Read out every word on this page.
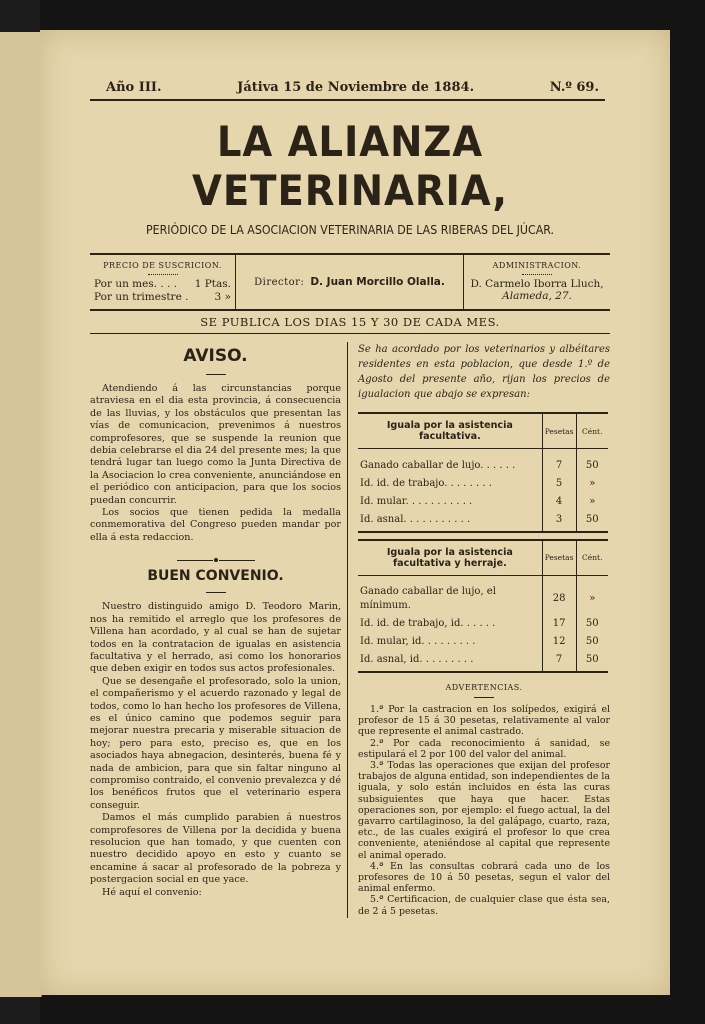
Año III.	Játiva 15 de Noviembre de 1884.	N.º 69.
LA ALIANZA VETERINARIA,
PERIÓDICO DE LA ASOCIACION VETERINARIA DE LAS RIBERAS DEL JÚCAR.
PRECIO DE SUSCRICION.
Por un mes. . . . 1 Ptas.
Por un trimestre . 3 »
Director: D. Juan Morcillo Olalla.
ADMINISTRACION.
D. Carmelo Iborra Lluch,
Alameda, 27.
SE PUBLICA LOS DIAS 15 Y 30 DE CADA MES.
AVISO.

Atendiendo á las circunstancias porque atraviesa en el dia esta provincia, á consecuencia de las lluvias, y los obstáculos que presentan las vías de comunicacion, prevenimos á nuestros comprofesores, que se suspende la reunion que debia celebrarse el dia 24 del presente mes; la que tendrá lugar tan luego como la Junta Directiva de la Asociacion lo crea conveniente, anunciándose en el periódico con anticipacion, para que los socios puedan concurrir.

Los socios que tienen pedida la medalla conmemorativa del Congreso pueden mandar por ella á esta redaccion.

BUEN CONVENIO.

Nuestro distinguido amigo D. Teodoro Marin, nos ha remitido el arreglo que los profesores de Villena han acordado, y al cual se han de sujetar todos en la contratacion de igualas en asistencia facultativa y el herrado, asi como los honorarios que deben exigir en todos sus actos profesionales.

Que se desengañe el profesorado, solo la union, el compañerismo y el acuerdo razonado y legal de todos, como lo han hecho los profesores de Villena, es el único camino que podemos seguir para mejorar nuestra precaria y miserable situacion de hoy; pero para esto, preciso es, que en los asociados haya abnegacion, desinterés, buena fé y nada de ambicion, para que sin faltar ninguno al compromiso contraido, el convenio prevalezca y dé los benéficos frutos que el veterinario espera conseguir.

Damos el más cumplido parabien á nuestros comprofesores de Villena por la decidida y buena resolucion que han tomado, y que cuenten con nuestro decidido apoyo en esto y cuanto se encamine á sacar al profesorado de la pobreza y postergacion social en que yace.

Hé aquí el convenio:

Se ha acordado por los veterinarios y albéitares residentes en esta poblacion, que desde 1.º de Agosto del presente año, rijan los precios de igualacion que abajo se expresan:

Iguala por la asistencia facultativa.	Pesetas	Cént.

Ganado caballar de lujo. . . . . .	7	50
Id. id. de trabajo. . . . . . . .	5	»
Id. mular. . . . . . . . . . .	4	»
Id. asnal. . . . . . . . . . .	3	50
Iguala por la asistencia facultativa y herraje.	Pesetas	Cént.

Ganado caballar de lujo, el mínimum.	28	»
Id. id. de trabajo, id. . . . . .	17	50
Id. mular, id. . . . . . . . .	12	50
Id. asnal, id. . . . . . . . .	7	50
ADVERTENCIAS.

1.ª Por la castracion en los solípedos, exigirá el profesor de 15 á 30 pesetas, relativamente al valor que represente el animal castrado.

2.ª Por cada reconocimiento á sanidad, se estipulará el 2 por 100 del valor del animal.

3.ª Todas las operaciones que exijan del profesor trabajos de alguna entidad, son independientes de la iguala, y solo están incluidos en ésta las curas subsiguientes que haya que hacer. Estas operaciones son, por ejemplo: el fuego actual, la del gavarro cartilaginoso, la del galápago, cuarto, raza, etc., de las cuales exigirá el profesor lo que crea conveniente, ateniéndose al capital que represente el animal operado.

4.ª En las consultas cobrará cada uno de los profesores de 10 á 50 pesetas, segun el valor del animal enfermo.

5.ª Certificacion, de cualquier clase que ésta sea, de 2 á 5 pesetas.
